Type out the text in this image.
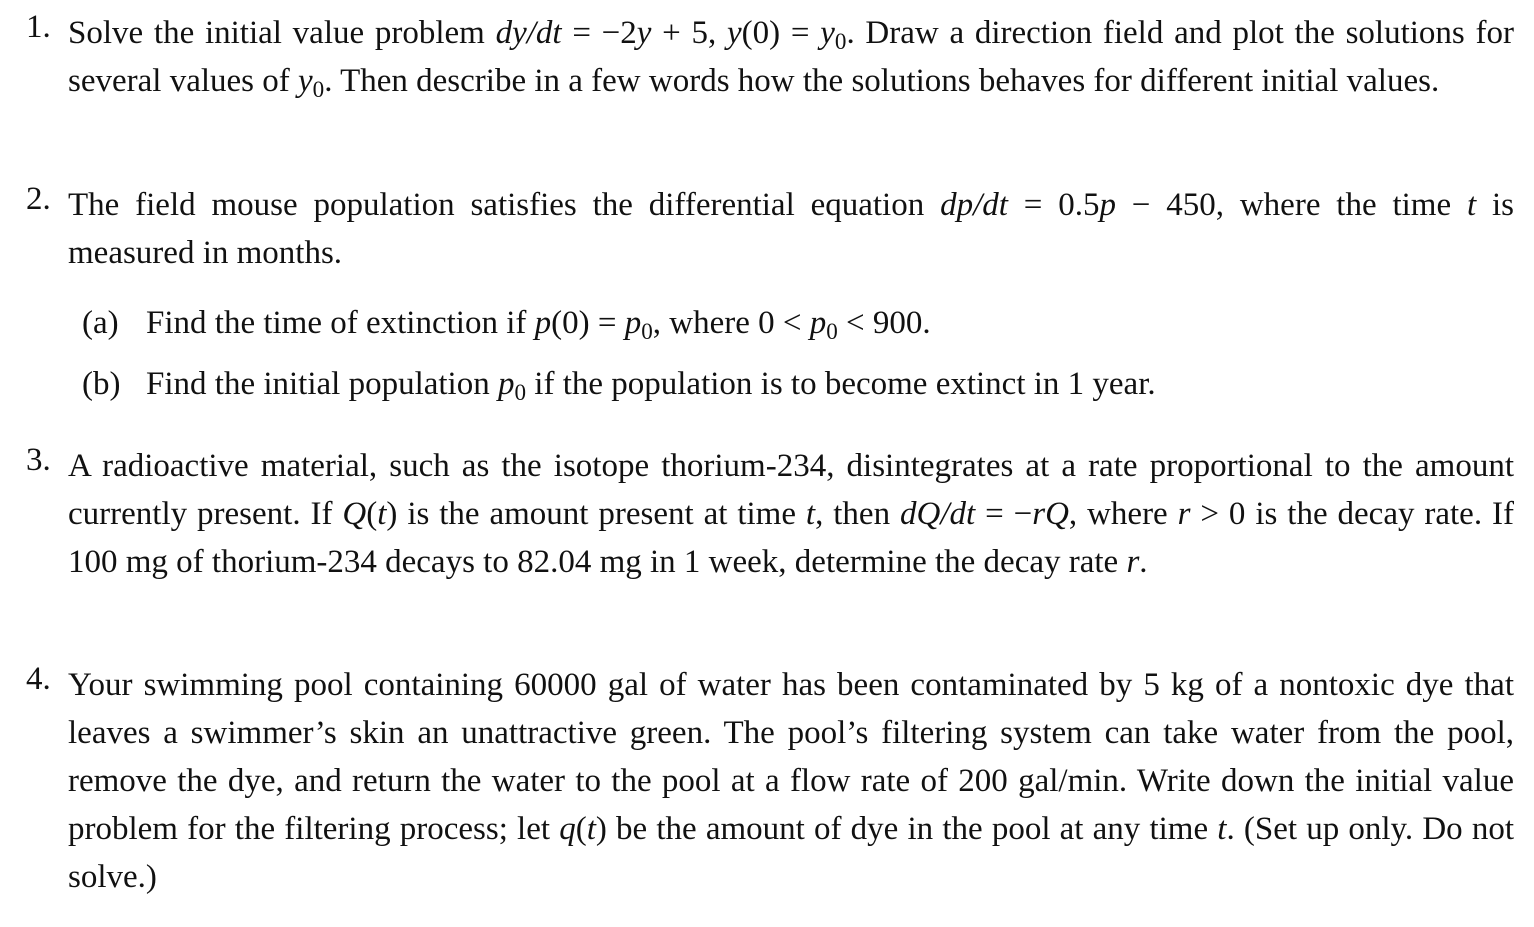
1. Solve the initial value problem dy/dt = −2y + 5, $y(0) = y_0$. Draw a direction field and plot the solutions for several values of $y_0$. Then describe in a few words how the solutions behaves for different initial values.
2. The field mouse population satisfies the differential equation dp/dt = 0.5p − 450, where the time t is measured in months.
(a) Find the time of extinction if $p(0) = p_0$, where $0 < p_0 < 900$.
(b) Find the initial population $p_0$ if the population is to become extinct in 1 year.
3. A radioactive material, such as the isotope thorium-234, disintegrates at a rate proportional to the amount currently present. If Q(t) is the amount present at time t, then dQ/dt = −rQ, where r > 0 is the decay rate. If 100 mg of thorium-234 decays to 82.04 mg in 1 week, determine the decay rate r.
4. Your swimming pool containing 60000 gal of water has been contaminated by 5 kg of a nontoxic dye that leaves a swimmer’s skin an unattractive green. The pool’s filtering system can take water from the pool, remove the dye, and return the water to the pool at a flow rate of 200 gal/min. Write down the initial value problem for the filtering process; let q(t) be the amount of dye in the pool at any time t. (Set up only. Do not solve.)
